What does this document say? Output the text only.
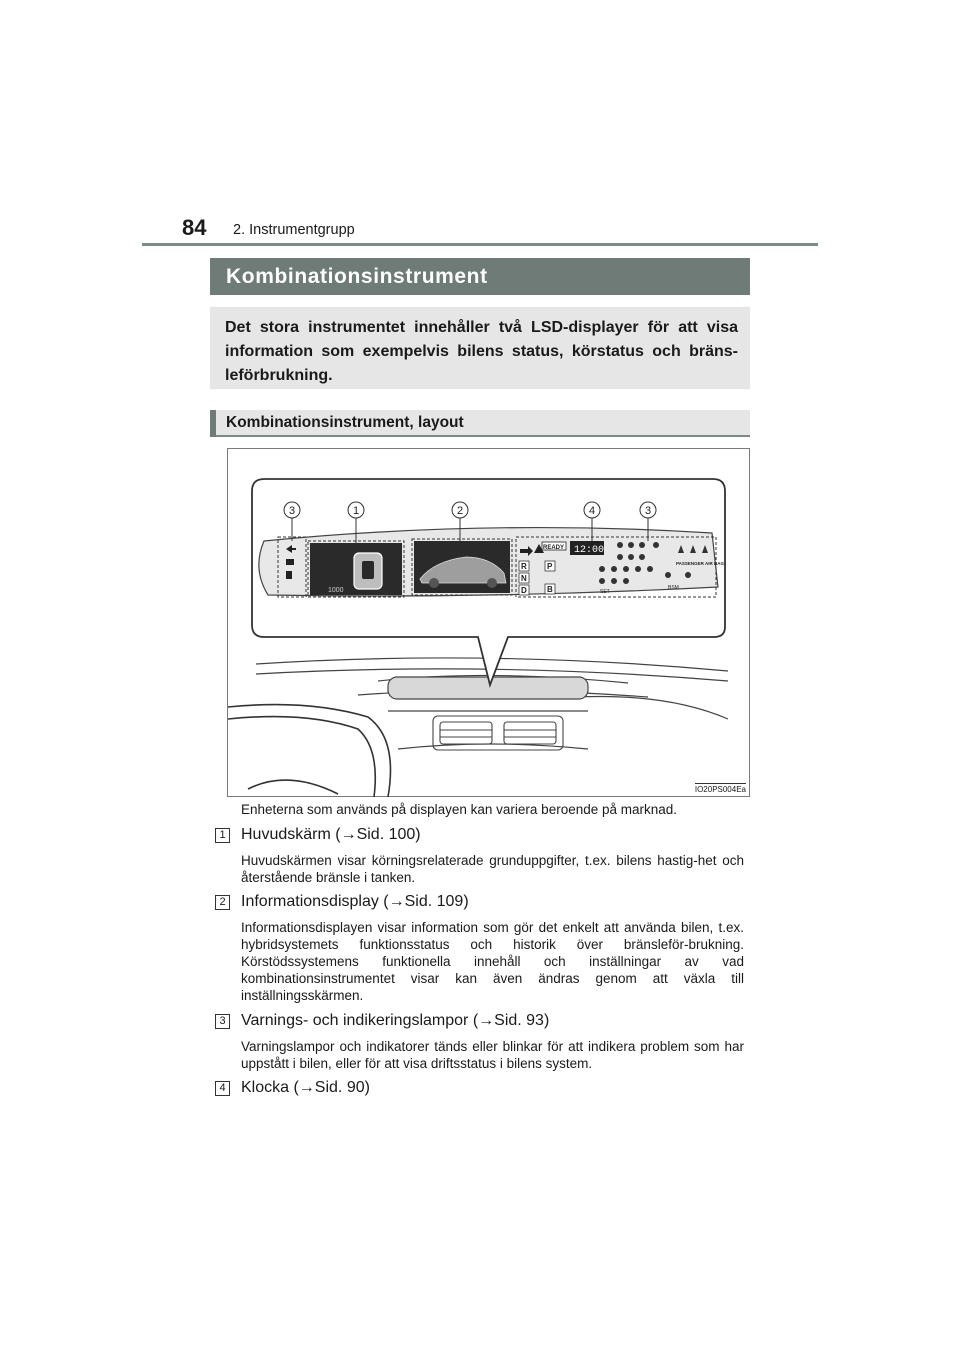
84 2. Instrumentgrupp
Kombinationsinstrument
Det stora instrumentet innehåller två LSD-displayer för att visa information som exempelvis bilens status, körstatus och bräns-leförbrukning.
Kombinationsinstrument, layout
1000
READY 12:00
R
N
D
P
B
PASSENGER AIR BAG
SET
BSM
3	1	2	4	3
IO20PS004Ea
Enheterna som används på displayen kan variera beroende på marknad.
1 Huvudskärm (→Sid. 100)
Huvudskärmen visar körningsrelaterade grunduppgifter, t.ex. bilens hastig-het och återstående bränsle i tanken.
2 Informationsdisplay (→Sid. 109)
Informationsdisplayen visar information som gör det enkelt att använda bilen, t.ex. hybridsystemets funktionsstatus och historik över bränsleför-brukning. Körstödssystemens funktionella innehåll och inställningar av vad kombinationsinstrumentet visar kan även ändras genom att växla till inställningsskärmen.
3 Varnings- och indikeringslampor (→Sid. 93)
Varningslampor och indikatorer tänds eller blinkar för att indikera problem som har uppstått i bilen, eller för att visa driftsstatus i bilens system.
4 Klocka (→Sid. 90)
